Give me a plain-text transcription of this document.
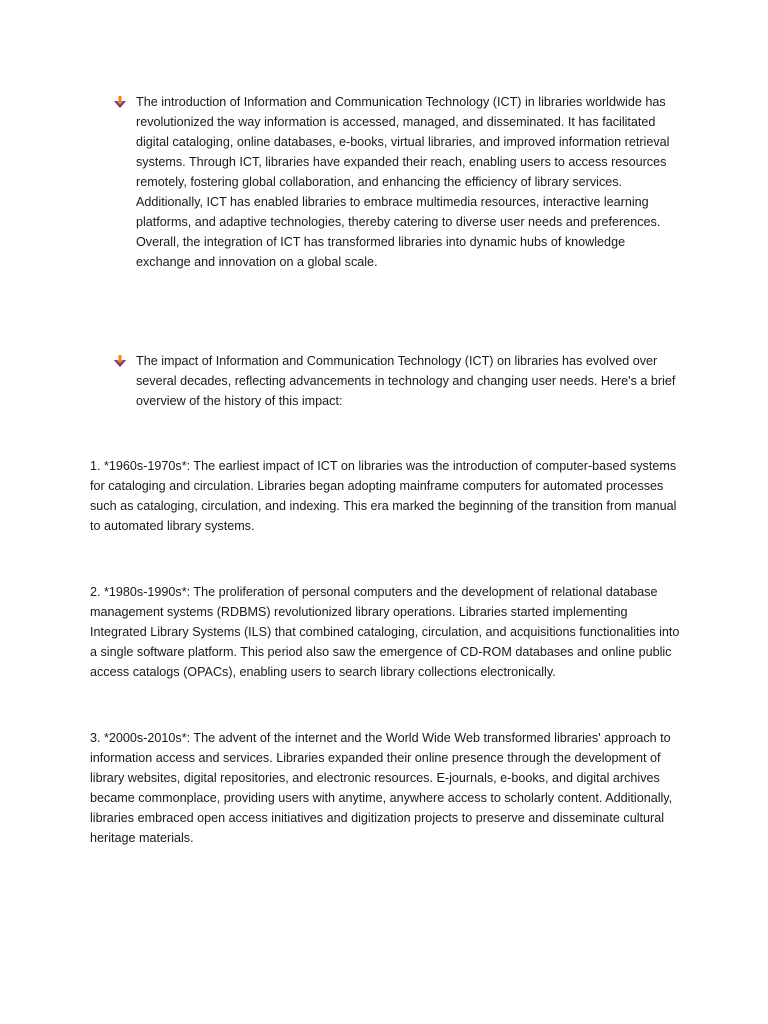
The introduction of Information and Communication Technology (ICT) in libraries worldwide has revolutionized the way information is accessed, managed, and disseminated. It has facilitated digital cataloging, online databases, e-books, virtual libraries, and improved information retrieval systems. Through ICT, libraries have expanded their reach, enabling users to access resources remotely, fostering global collaboration, and enhancing the efficiency of library services. Additionally, ICT has enabled libraries to embrace multimedia resources, interactive learning platforms, and adaptive technologies, thereby catering to diverse user needs and preferences. Overall, the integration of ICT has transformed libraries into dynamic hubs of knowledge exchange and innovation on a global scale.
The impact of Information and Communication Technology (ICT) on libraries has evolved over several decades, reflecting advancements in technology and changing user needs. Here's a brief overview of the history of this impact:

1. *1960s-1970s*: The earliest impact of ICT on libraries was the introduction of computer-based systems for cataloging and circulation. Libraries began adopting mainframe computers for automated processes such as cataloging, circulation, and indexing. This era marked the beginning of the transition from manual to automated library systems.

2. *1980s-1990s*: The proliferation of personal computers and the development of relational database management systems (RDBMS) revolutionized library operations. Libraries started implementing Integrated Library Systems (ILS) that combined cataloging, circulation, and acquisitions functionalities into a single software platform. This period also saw the emergence of CD-ROM databases and online public access catalogs (OPACs), enabling users to search library collections electronically.

3. *2000s-2010s*: The advent of the internet and the World Wide Web transformed libraries' approach to information access and services. Libraries expanded their online presence through the development of library websites, digital repositories, and electronic resources. E-journals, e-books, and digital archives became commonplace, providing users with anytime, anywhere access to scholarly content. Additionally, libraries embraced open access initiatives and digitization projects to preserve and disseminate cultural heritage materials.
